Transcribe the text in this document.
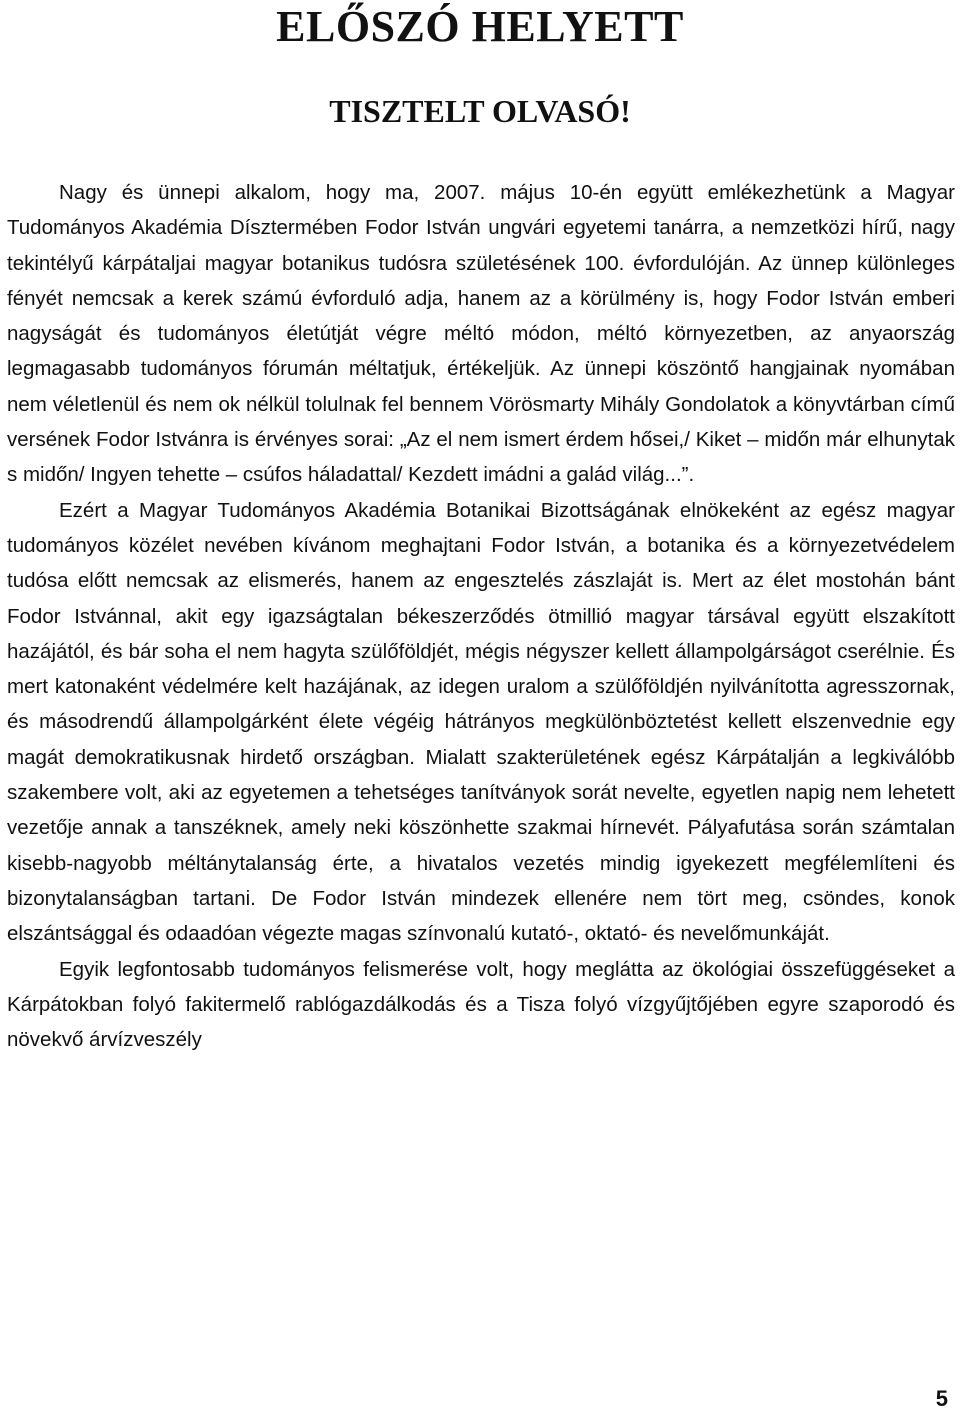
ELŐSZÓ HELYETT
TISZTELT OLVASÓ!

Nagy és ünnepi alkalom, hogy ma, 2007. május 10-én együtt emlékezhetünk a Magyar Tudományos Akadémia Dísztermében Fodor István ungvári egyetemi tanárra, a nemzetközi hírű, nagy tekintélyű kárpátaljai magyar botanikus tudósra születésének 100. évfordulóján. Az ünnep különleges fényét nemcsak a kerek számú évforduló adja, hanem az a körülmény is, hogy Fodor István emberi nagyságát és tudományos életútját végre méltó módon, méltó környezetben, az anyaország legmagasabb tudományos fórumán méltatjuk, értékeljük. Az ünnepi köszöntő hangjainak nyomában nem véletlenül és nem ok nélkül tolulnak fel bennem Vörösmarty Mihály Gondolatok a könyvtárban című versének Fodor Istvánra is érvényes sorai: „Az el nem ismert érdem hősei,/ Kiket – midőn már elhunytak s midőn/ Ingyen tehette – csúfos háladattal/ Kezdett imádni a galád világ...”.

Ezért a Magyar Tudományos Akadémia Botanikai Bizottságának elnökeként az egész magyar tudományos közélet nevében kívánom meghajtani Fodor István, a botanika és a környezetvédelem tudósa előtt nemcsak az elismerés, hanem az engesztelés zászlaját is. Mert az élet mostohán bánt Fodor Istvánnal, akit egy igazságtalan békeszerződés ötmillió magyar társával együtt elszakított hazájától, és bár soha el nem hagyta szülőföldjét, mégis négyszer kellett állampolgárságot cserélnie. És mert katonaként védelmére kelt hazájának, az idegen uralom a szülőföldjén nyilvánította agresszornak, és másodrendű állampolgárként élete végéig hátrányos megkülönböztetést kellett elszenvednie egy magát demokratikusnak hirdető országban. Mialatt szakterületének egész Kárpátalján a legkiválóbb szakembere volt, aki az egyetemen a tehetséges tanítványok sorát nevelte, egyetlen napig nem lehetett vezetője annak a tanszéknek, amely neki köszönhette szakmai hírnevét. Pályafutása során számtalan kisebb-nagyobb méltánytalanság érte, a hivatalos vezetés mindig igyekezett megfélemlíteni és bizonytalanságban tartani. De Fodor István mindezek ellenére nem tört meg, csöndes, konok elszántsággal és odaadóan végezte magas színvonalú kutató-, oktató- és nevelőmunkáját.

Egyik legfontosabb tudományos felismerése volt, hogy meglátta az ökológiai összefüggéseket a Kárpátokban folyó fakitermelő rablógazdálkodás és a Tisza folyó vízgyűjtőjében egyre szaporodó és növekvő árvízveszély

5
